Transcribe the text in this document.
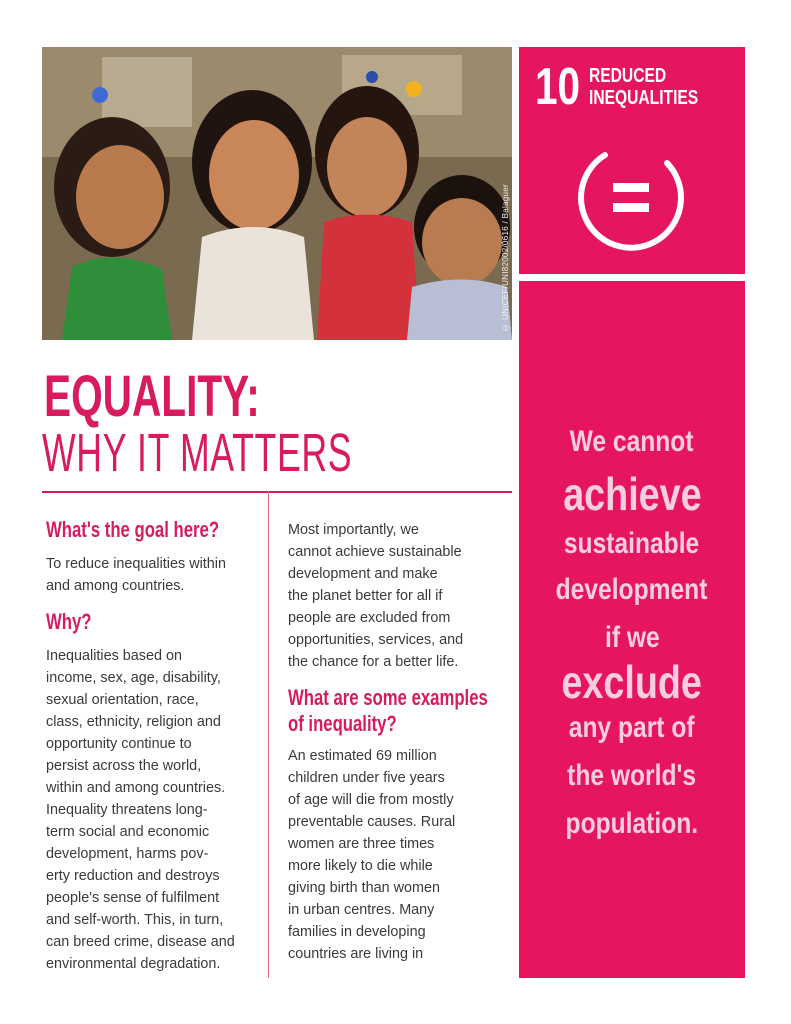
© UNICEF/UNI82002/0616 / Balaguer
10 REDUCED
INEQUALITIES
We cannot
achieve
sustainable
development
if we
exclude
any part of
the world's
population.
EQUALITY:
WHY IT MATTERS
What's the goal here?

To reduce inequalities within
and among countries.

Why?

Inequalities based on
income, sex, age, disability,
sexual orientation, race,
class, ethnicity, religion and
opportunity continue to
persist across the world,
within and among countries.
Inequality threatens long-
term social and economic
development, harms pov-
erty reduction and destroys
people's sense of fulfilment
and self-worth. This, in turn,
can breed crime, disease and
environmental degradation.

Most importantly, we
cannot achieve sustainable
development and make
the planet better for all if
people are excluded from
opportunities, services, and
the chance for a better life.

What are some examples
of inequality?

An estimated 69 million
children under five years
of age will die from mostly
preventable causes. Rural
women are three times
more likely to die while
giving birth than women
in urban centres. Many
families in developing
countries are living in
